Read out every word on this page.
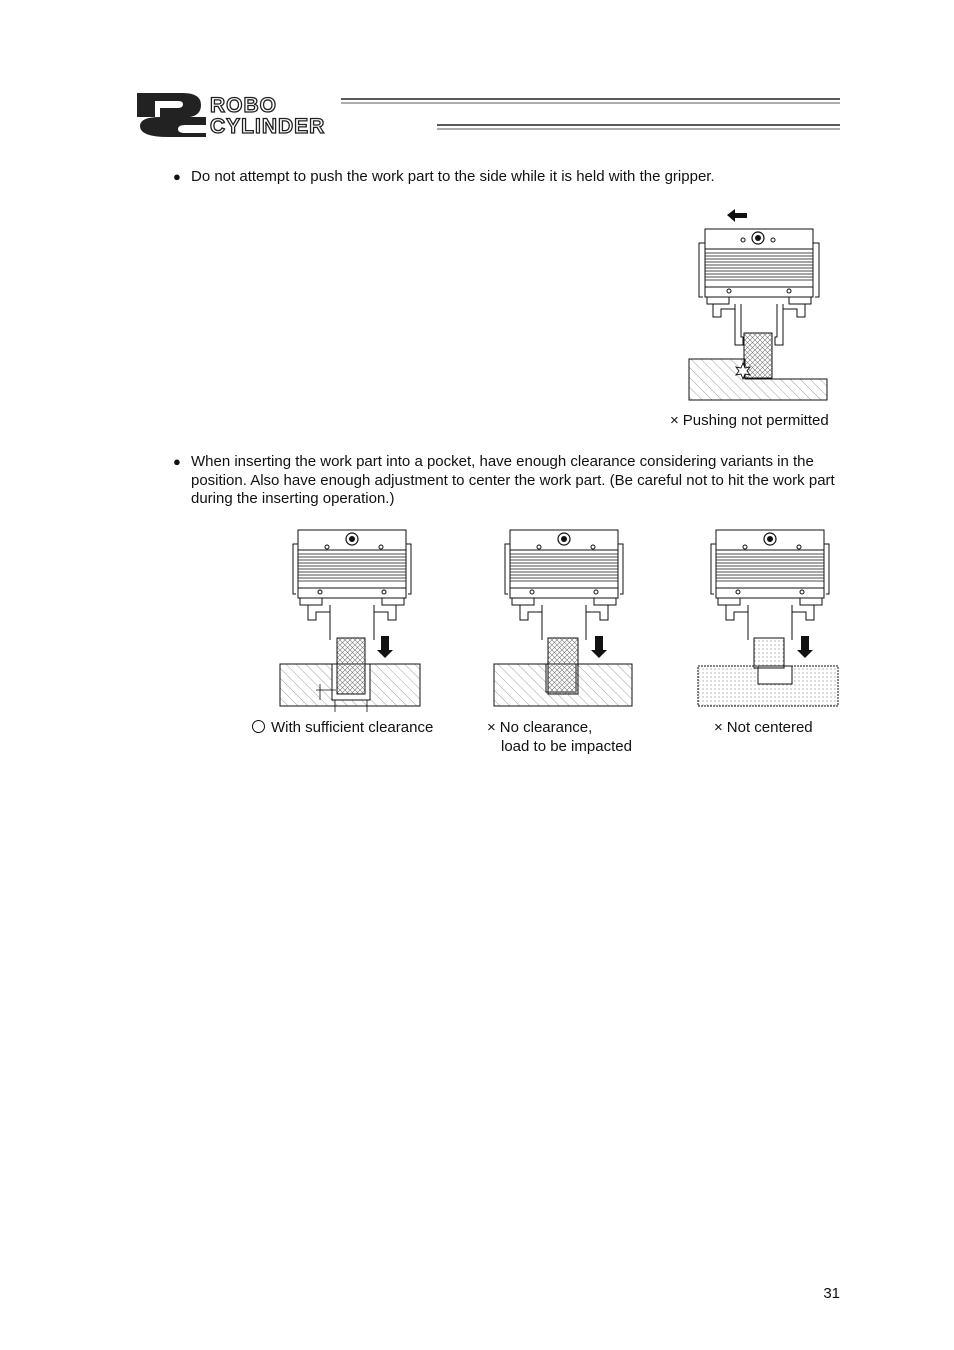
ROBO
CYLINDER
● Do not attempt to push the work part to the side while it is held with the gripper.
× Pushing not permitted
● When inserting the work part into a pocket, have enough clearance considering variants in the position. Also have enough adjustment to center the work part. (Be careful not to hit the work part during the inserting operation.)
With sufficient clearance	× No clearance,
load to be impacted
× Not centered
31
